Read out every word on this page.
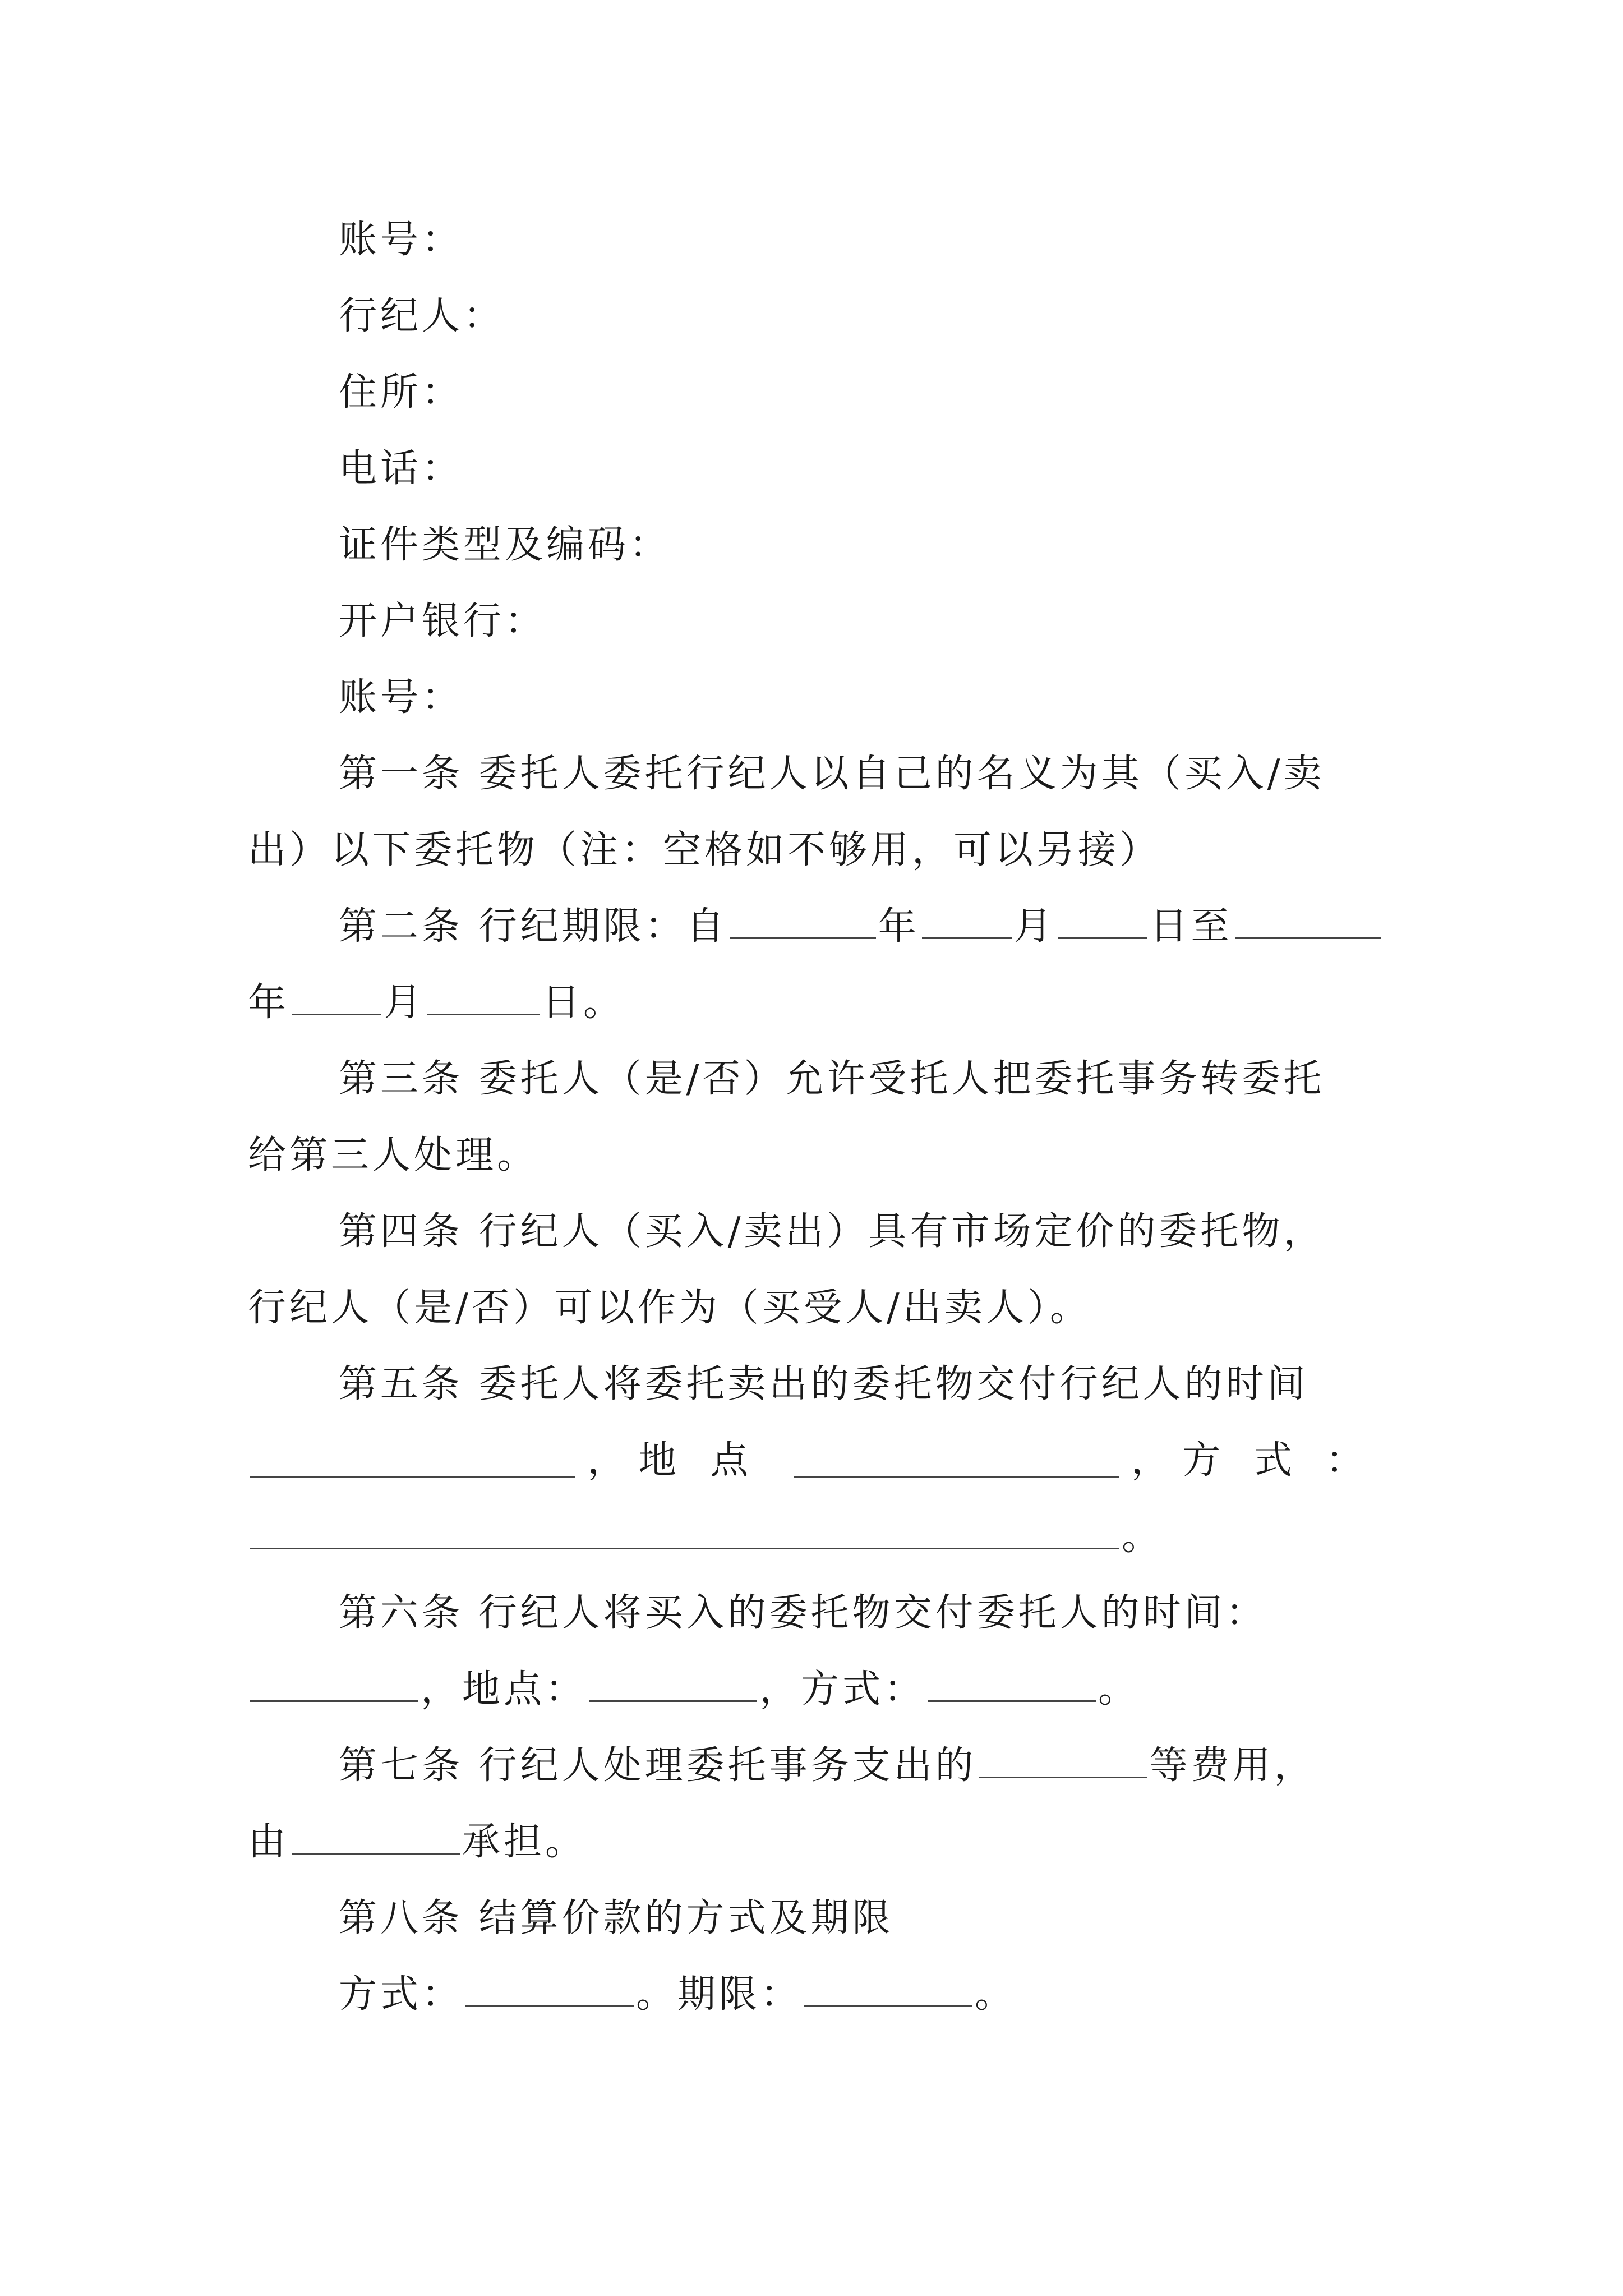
账号：
行纪人：
住所：
电话：
证件类型及编码：
开户银行：
账号：
第一条 委托人委托行纪人以自己的名义为其（买入/卖
出）以下委托物（注：空格如不够用，可以另接）
第二条 行纪期限：自	年 月 日至
年 月	日。
第三条 委托人（是/否）允许受托人把委托事务转委托
给第三人处理。
第四条 行纪人（买入/卖出）具有市场定价的委托物，
行纪人（是/否）可以作为（买受人/出卖人）。
第五条 委托人将委托卖出的委托物交付行纪人的时间
， 地点	， 方式：
。
第六条 行纪人将买入的委托物交付委托人的时间：
，地点：	，方式：	。
第七条 行纪人处理委托事务支出的	等费用，
由	承担。
第八条 结算价款的方式及期限
方式：	。期限：	。
